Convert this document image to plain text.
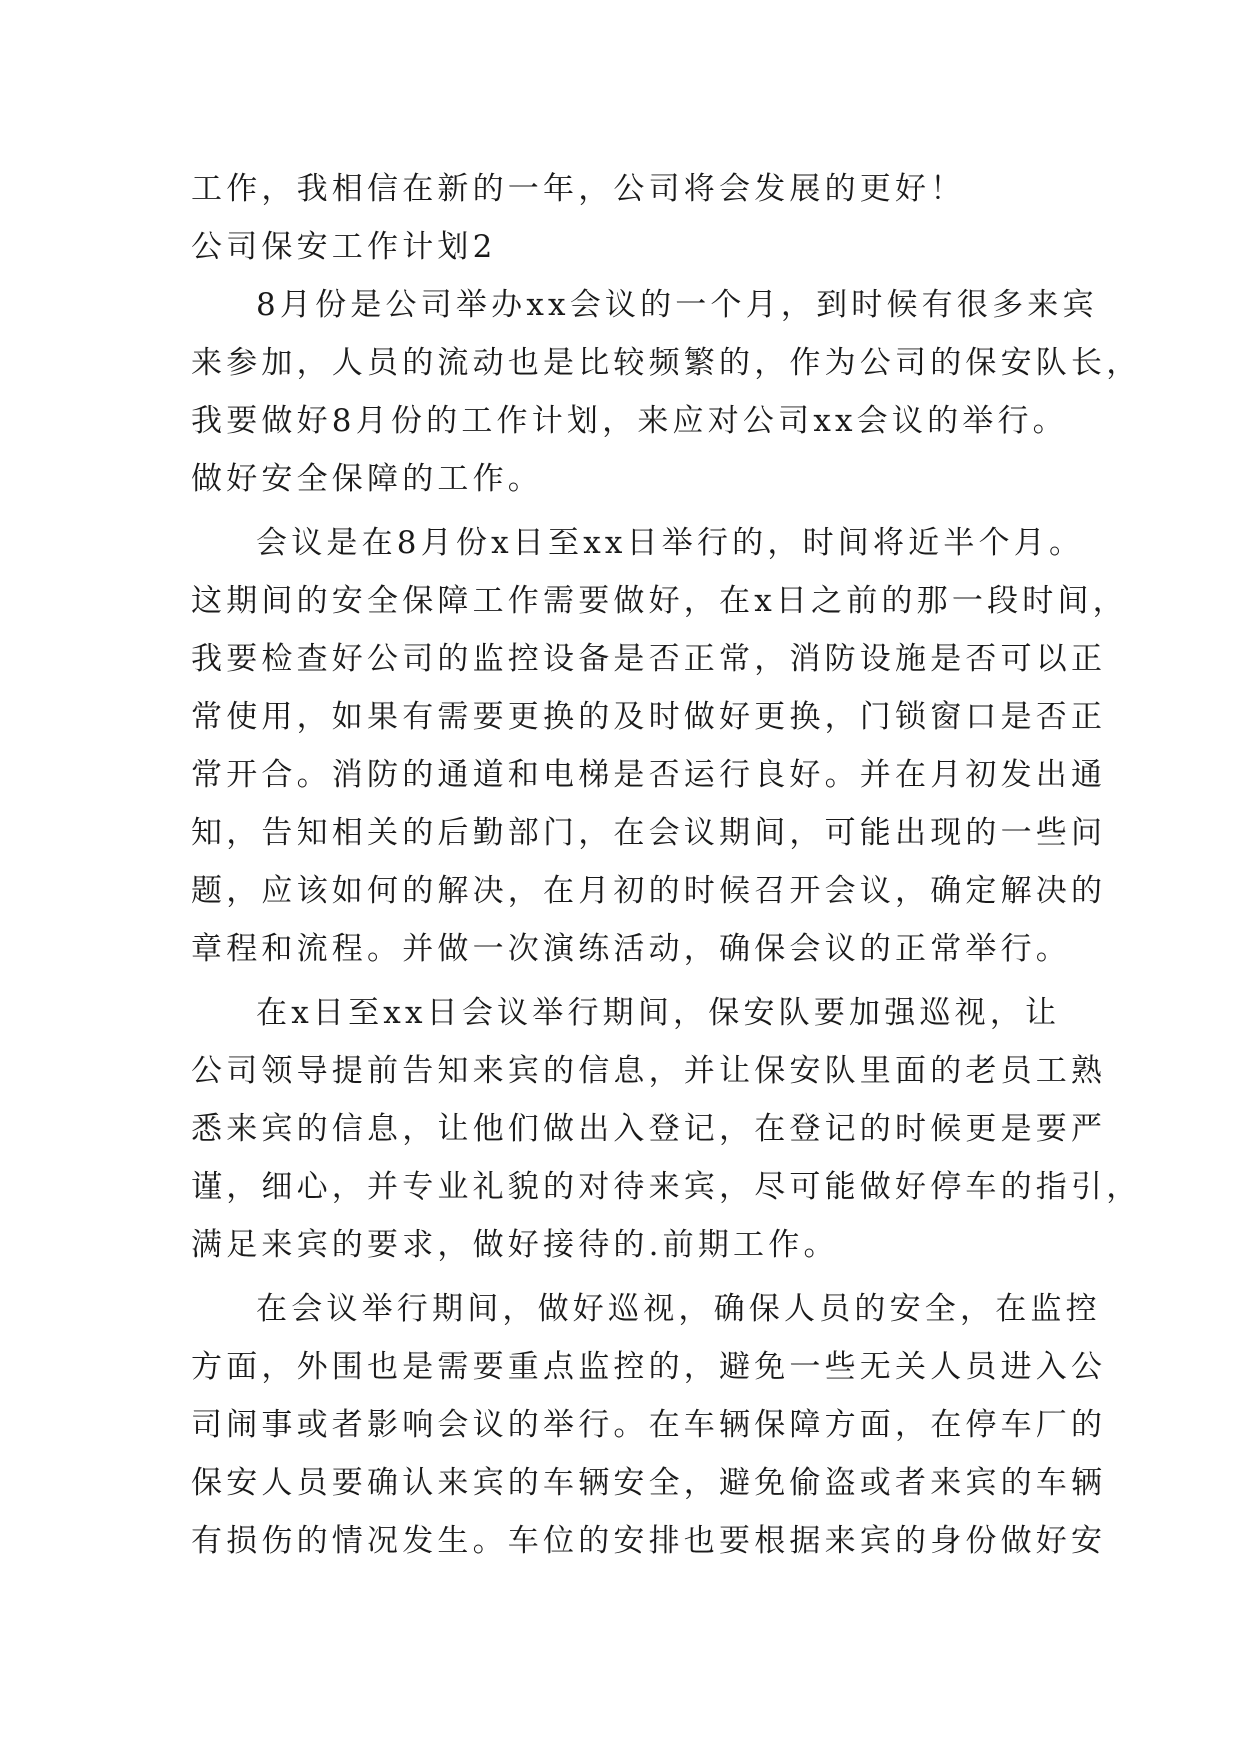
工作，我相信在新的一年，公司将会发展的更好！
公司保安工作计划2
8月份是公司举办xx会议的一个月，到时候有很多来宾
来参加，人员的流动也是比较频繁的，作为公司的保安队长，
我要做好8月份的工作计划，来应对公司xx会议的举行。
做好安全保障的工作。
会议是在8月份x日至xx日举行的，时间将近半个月。
这期间的安全保障工作需要做好，在x日之前的那一段时间，
我要检查好公司的监控设备是否正常，消防设施是否可以正
常使用，如果有需要更换的及时做好更换，门锁窗口是否正
常开合。消防的通道和电梯是否运行良好。并在月初发出通
知，告知相关的后勤部门，在会议期间，可能出现的一些问
题，应该如何的解决，在月初的时候召开会议，确定解决的
章程和流程。并做一次演练活动，确保会议的正常举行。
在x日至xx日会议举行期间，保安队要加强巡视，让
公司领导提前告知来宾的信息，并让保安队里面的老员工熟
悉来宾的信息，让他们做出入登记，在登记的时候更是要严
谨，细心，并专业礼貌的对待来宾，尽可能做好停车的指引，
满足来宾的要求，做好接待的.前期工作。
在会议举行期间，做好巡视，确保人员的安全，在监控
方面，外围也是需要重点监控的，避免一些无关人员进入公
司闹事或者影响会议的举行。在车辆保障方面，在停车厂的
保安人员要确认来宾的车辆安全，避免偷盗或者来宾的车辆
有损伤的情况发生。车位的安排也要根据来宾的身份做好安
